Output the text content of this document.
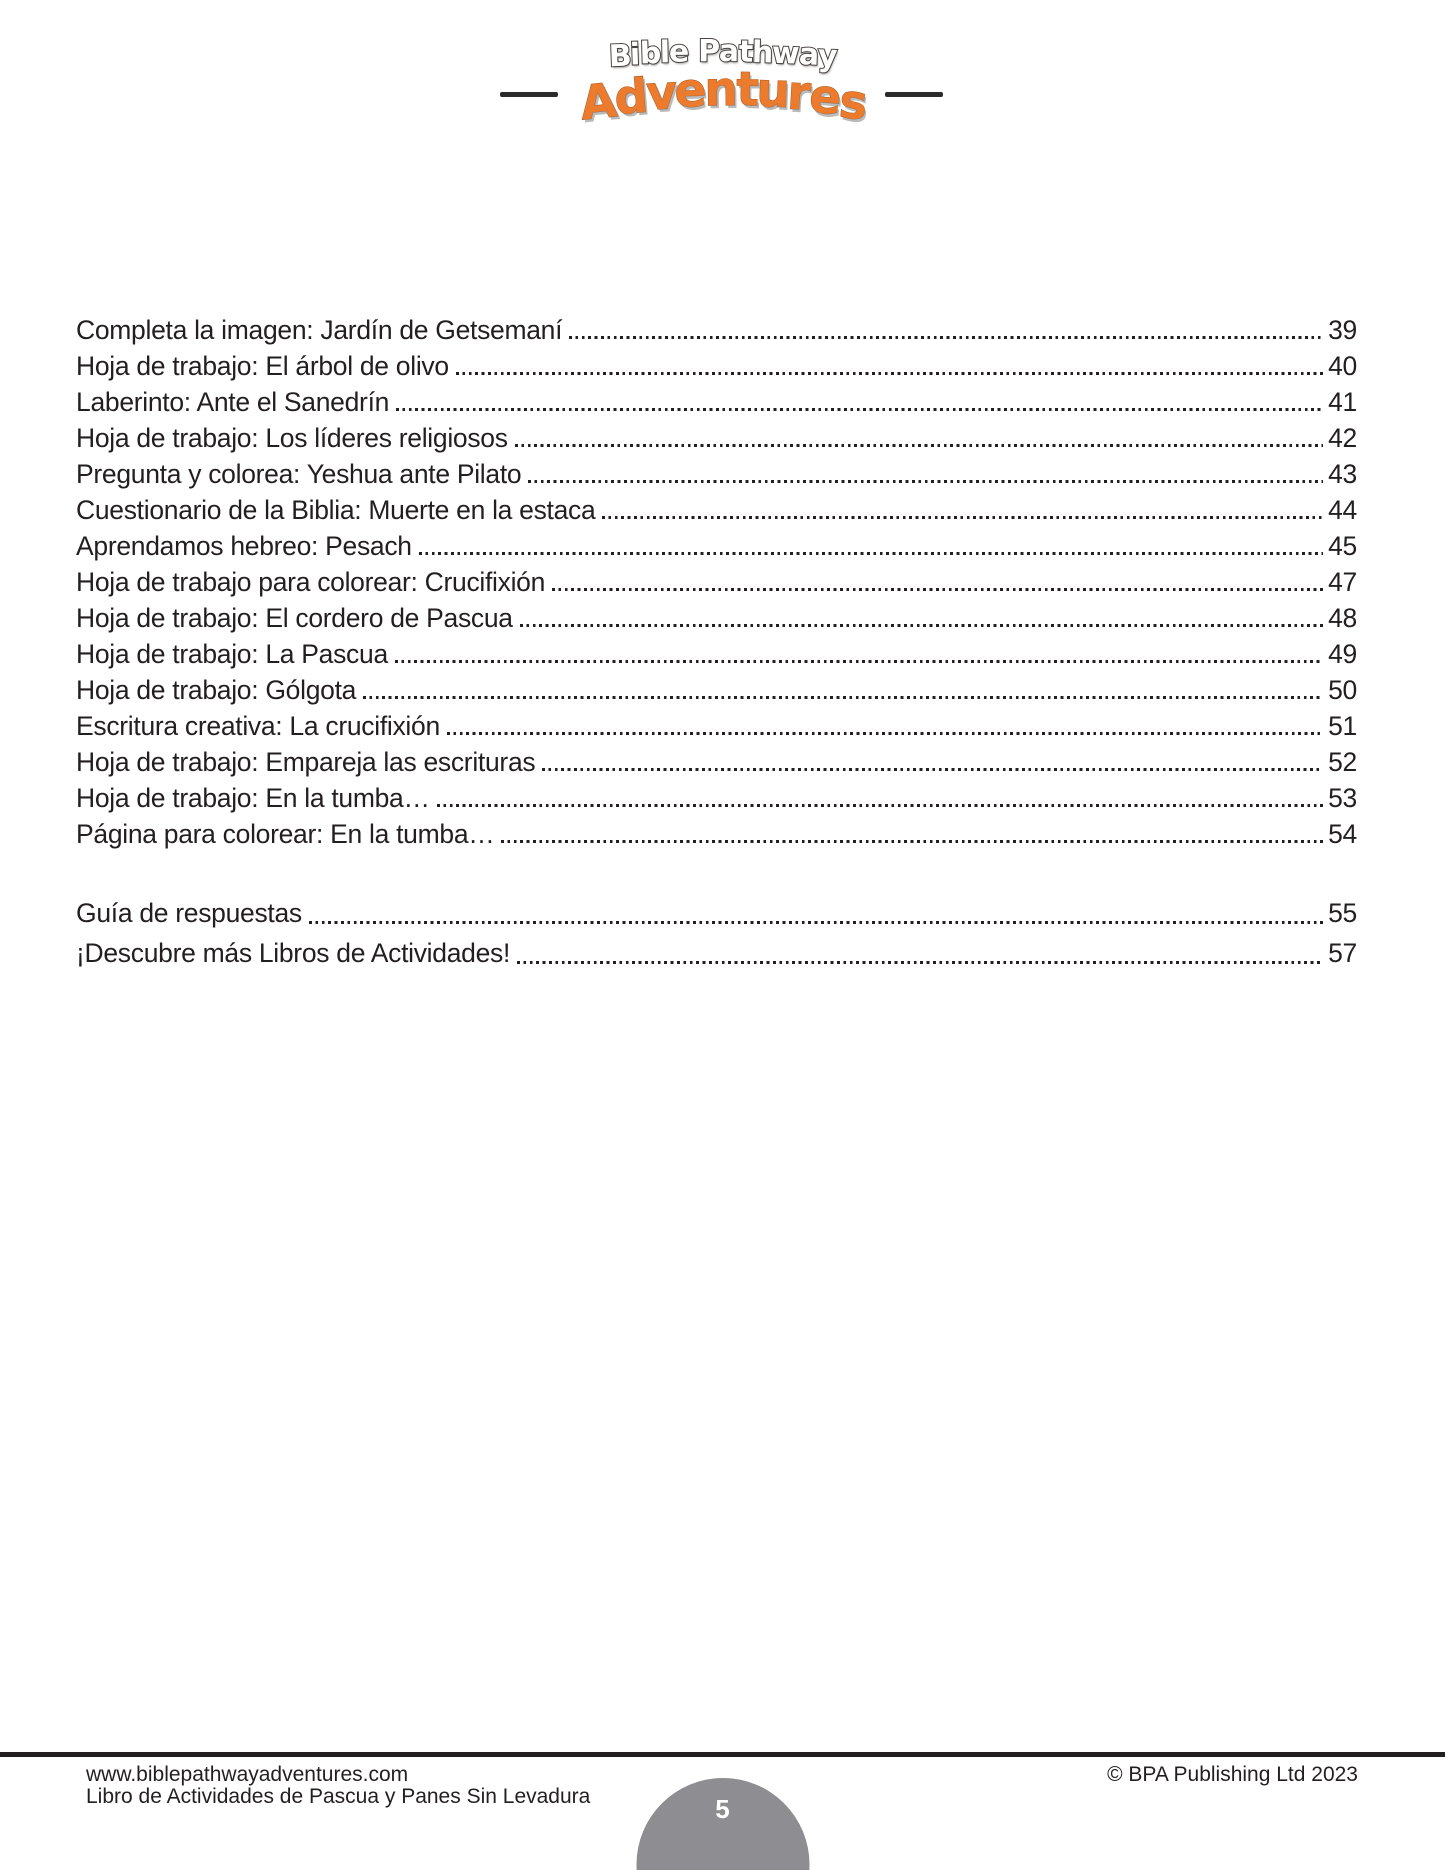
Bible Pathway
Adventures
Completa la imagen: Jardín de Getsemaní	39
Hoja de trabajo: El árbol de olivo	40
Laberinto: Ante el Sanedrín	41
Hoja de trabajo: Los líderes religiosos	42
Pregunta y colorea: Yeshua ante Pilato	43
Cuestionario de la Biblia: Muerte en la estaca	44
Aprendamos hebreo: Pesach	45
Hoja de trabajo para colorear: Crucifixión	47
Hoja de trabajo: El cordero de Pascua	48
Hoja de trabajo: La Pascua	49
Hoja de trabajo: Gólgota	50
Escritura creativa: La crucifixión	51
Hoja de trabajo: Empareja las escrituras	52
Hoja de trabajo: En la tumba…	53
Página para colorear: En la tumba…	54
Guía de respuestas	55
¡Descubre más Libros de Actividades!	57
www.biblepathwayadventures.com
Libro de Actividades de Pascua y Panes Sin Levadura
© BPA Publishing Ltd 2023
5
